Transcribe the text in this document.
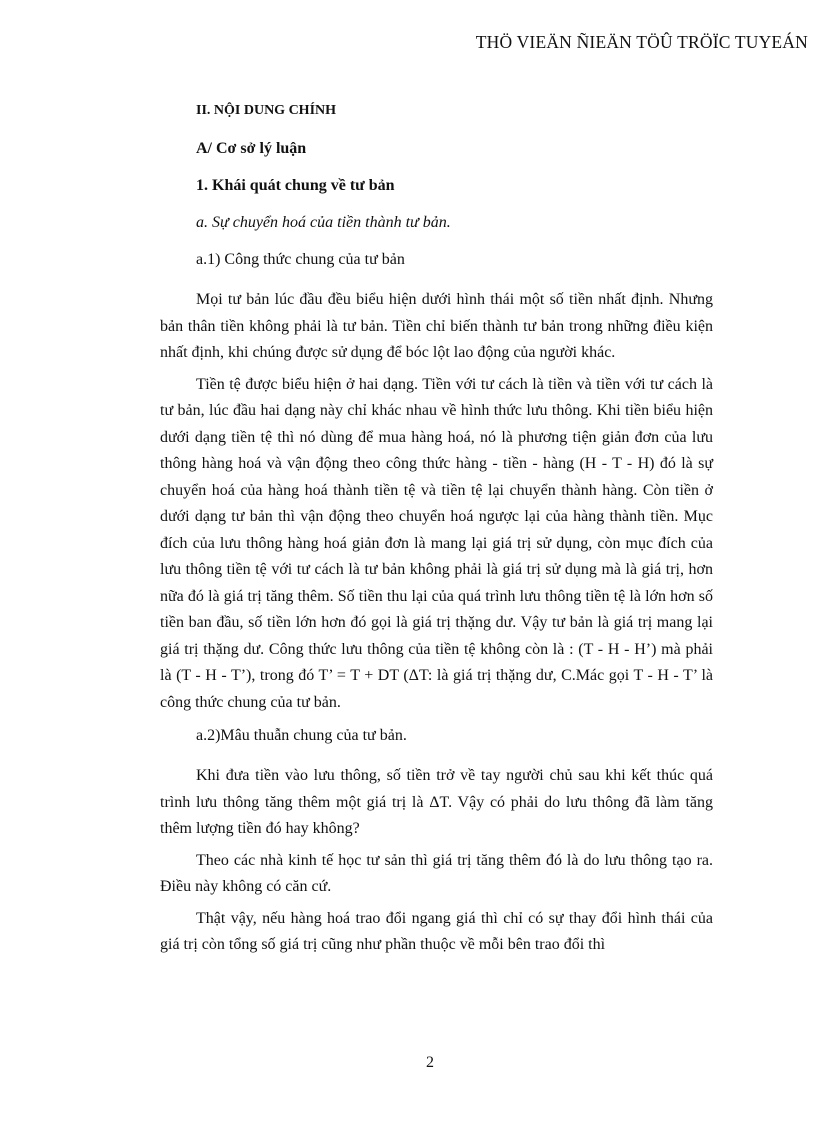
THÖ VIEÄN ÑIEÄN TÖÛ TRÖÏC TUYEÁN
II. NỘI DUNG CHÍNH
A/ Cơ sở lý luận
1. Khái quát chung về tư bản
a. Sự chuyển hoá của tiền thành tư bản.
a.1) Công thức chung của tư bản

Mọi tư bản lúc đầu đều biểu hiện dưới hình thái một số tiền nhất định. Nhưng bản thân tiền không phải là tư bản. Tiền chỉ biến thành tư bản trong những điều kiện nhất định, khi chúng được sử dụng để bóc lột lao động của người khác.

Tiền tệ được biểu hiện ở hai dạng. Tiền với tư cách là tiền và tiền với tư cách là tư bản, lúc đầu hai dạng này chỉ khác nhau về hình thức lưu thông. Khi tiền biểu hiện dưới dạng tiền tệ thì nó dùng để mua hàng hoá, nó là phương tiện giản đơn của lưu thông hàng hoá và vận động theo công thức hàng - tiền - hàng (H - T - H) đó là sự chuyển hoá của hàng hoá thành tiền tệ và tiền tệ lại chuyển thành hàng. Còn tiền ở dưới dạng tư bản thì vận động theo chuyển hoá ngược lại của hàng thành tiền. Mục đích của lưu thông hàng hoá giản đơn là mang lại giá trị sử dụng, còn mục đích của lưu thông tiền tệ với tư cách là tư bản không phải là giá trị sử dụng mà là giá trị, hơn nữa đó là giá trị tăng thêm. Số tiền thu lại của quá trình lưu thông tiền tệ là lớn hơn số tiền ban đầu, số tiền lớn hơn đó gọi là giá trị thặng dư. Vậy tư bản là giá trị mang lại giá trị thặng dư. Công thức lưu thông của tiền tệ không còn là : (T - H - H’) mà phải là (T - H - T’), trong đó T’ = T + DT (ΔT: là giá trị thặng dư, C.Mác gọi T - H - T’ là công thức chung của tư bản.

a.2)Mâu thuẫn chung của tư bản.

Khi đưa tiền vào lưu thông, số tiền trở về tay người chủ sau khi kết thúc quá trình lưu thông tăng thêm một giá trị là ΔT. Vậy có phải do lưu thông đã làm tăng thêm lượng tiền đó hay không?

Theo các nhà kinh tế học tư sản thì giá trị tăng thêm đó là do lưu thông tạo ra. Điều này không có căn cứ.

Thật vậy, nếu hàng hoá trao đổi ngang giá thì chỉ có sự thay đổi hình thái của giá trị còn tổng số giá trị cũng như phần thuộc về mỗi bên trao đổi thì

2
